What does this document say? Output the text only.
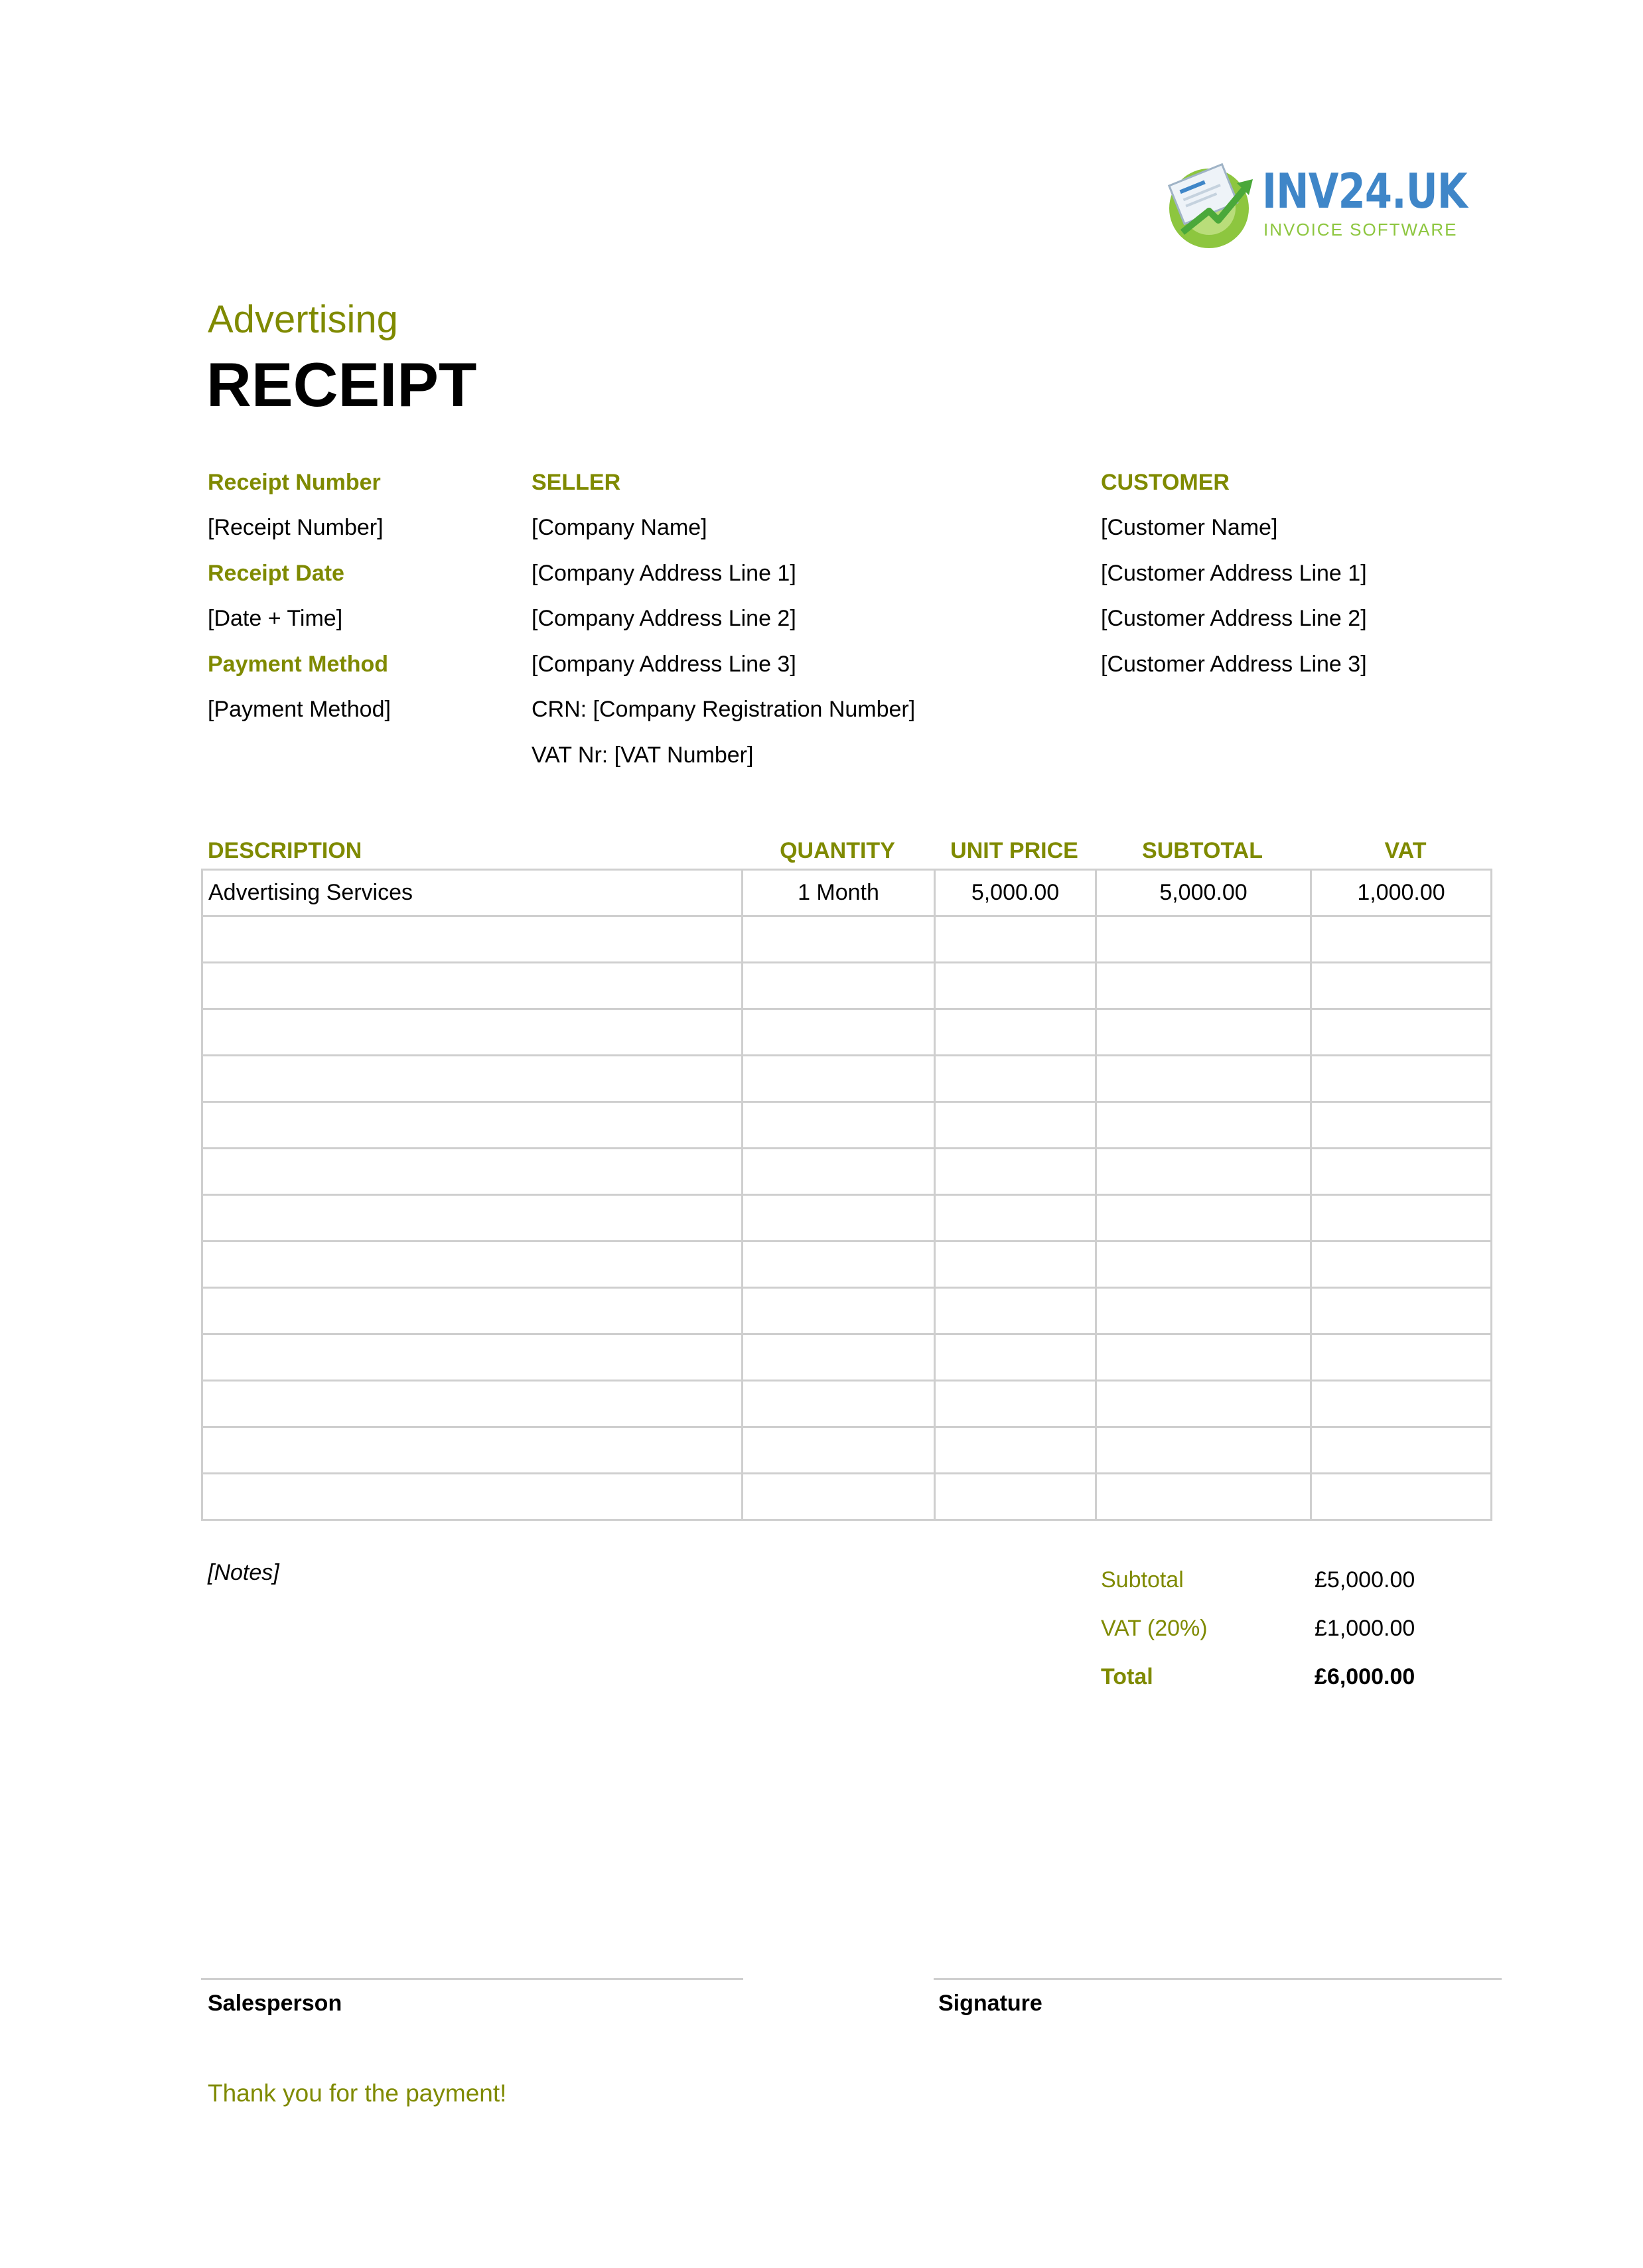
INV24.UK
INVOICE SOFTWARE
Advertising
RECEIPT
Receipt Number
[Receipt Number]
Receipt Date
[Date + Time]
Payment Method
[Payment Method]
SELLER
[Company Name]
[Company Address Line 1]
[Company Address Line 2]
[Company Address Line 3]
CRN: [Company Registration Number]
VAT Nr: [VAT Number]
CUSTOMER
[Customer Name]
[Customer Address Line 1]
[Customer Address Line 2]
[Customer Address Line 3]
DESCRIPTION	QUANTITY	UNIT PRICE	SUBTOTAL	VAT
Advertising Services	1 Month	5,000.00	5,000.00	1,000.00

[Notes]	Subtotal	£5,000.00
VAT (20%)	£1,000.00
Total	£6,000.00
Salesperson	Signature
Thank you for the payment!
